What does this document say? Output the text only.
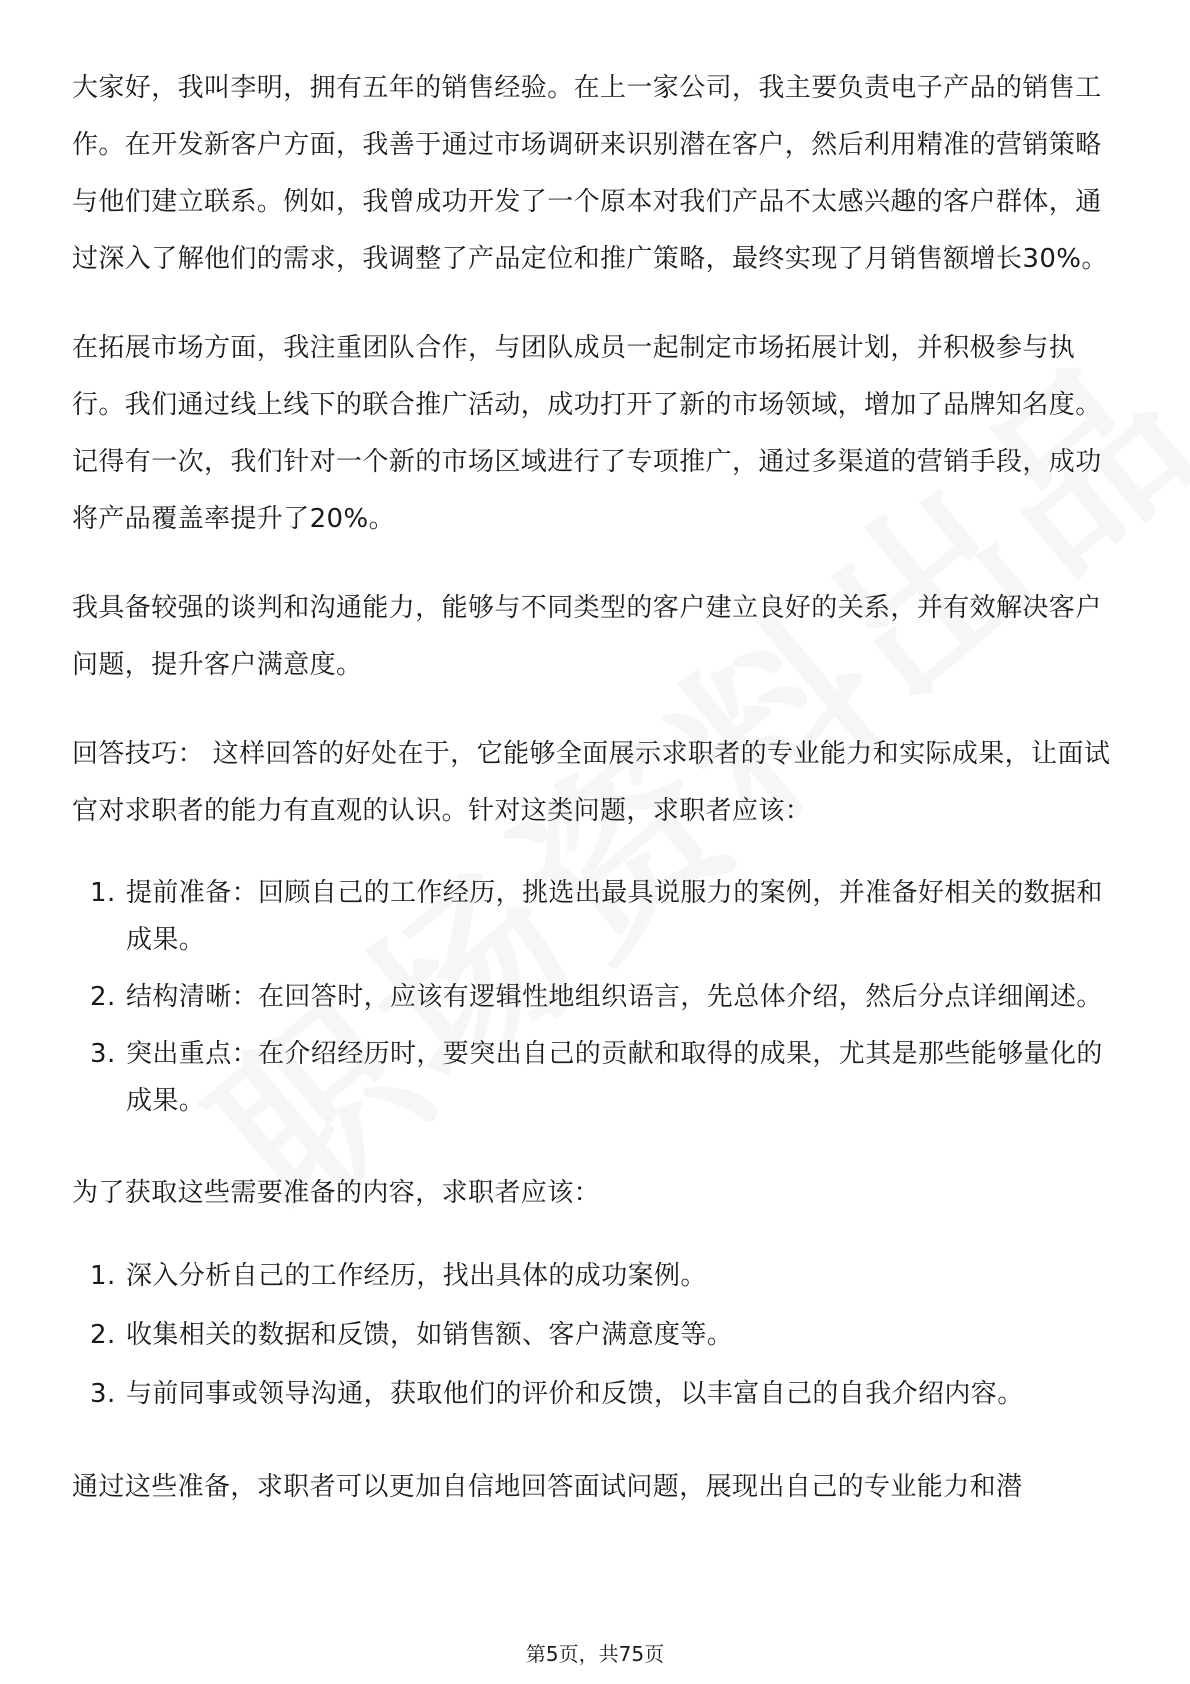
大家好，我叫李明，拥有五年的销售经验。在上一家公司，我主要负责电子产品的销售工作。在开发新客户方面，我善于通过市场调研来识别潜在客户，然后利用精准的营销策略与他们建立联系。例如，我曾成功开发了一个原本对我们产品不太感兴趣的客户群体，通过深入了解他们的需求，我调整了产品定位和推广策略，最终实现了月销售额增长30%。

在拓展市场方面，我注重团队合作，与团队成员一起制定市场拓展计划，并积极参与执行。我们通过线上线下的联合推广活动，成功打开了新的市场领域，增加了品牌知名度。记得有一次，我们针对一个新的市场区域进行了专项推广，通过多渠道的营销手段，成功将产品覆盖率提升了20%。

我具备较强的谈判和沟通能力，能够与不同类型的客户建立良好的关系，并有效解决客户问题，提升客户满意度。

回答技巧： 这样回答的好处在于，它能够全面展示求职者的专业能力和实际成果，让面试官对求职者的能力有直观的认识。针对这类问题，求职者应该：

1. 提前准备：回顾自己的工作经历，挑选出最具说服力的案例，并准备好相关的数据和成果。
2. 结构清晰：在回答时，应该有逻辑性地组织语言，先总体介绍，然后分点详细阐述。
3. 突出重点：在介绍经历时，要突出自己的贡献和取得的成果，尤其是那些能够量化的成果。

为了获取这些需要准备的内容，求职者应该：

1. 深入分析自己的工作经历，找出具体的成功案例。
2. 收集相关的数据和反馈，如销售额、客户满意度等。
3. 与前同事或领导沟通，获取他们的评价和反馈，以丰富自己的自我介绍内容。

通过这些准备，求职者可以更加自信地回答面试问题，展现出自己的专业能力和潜

第5页，共75页
